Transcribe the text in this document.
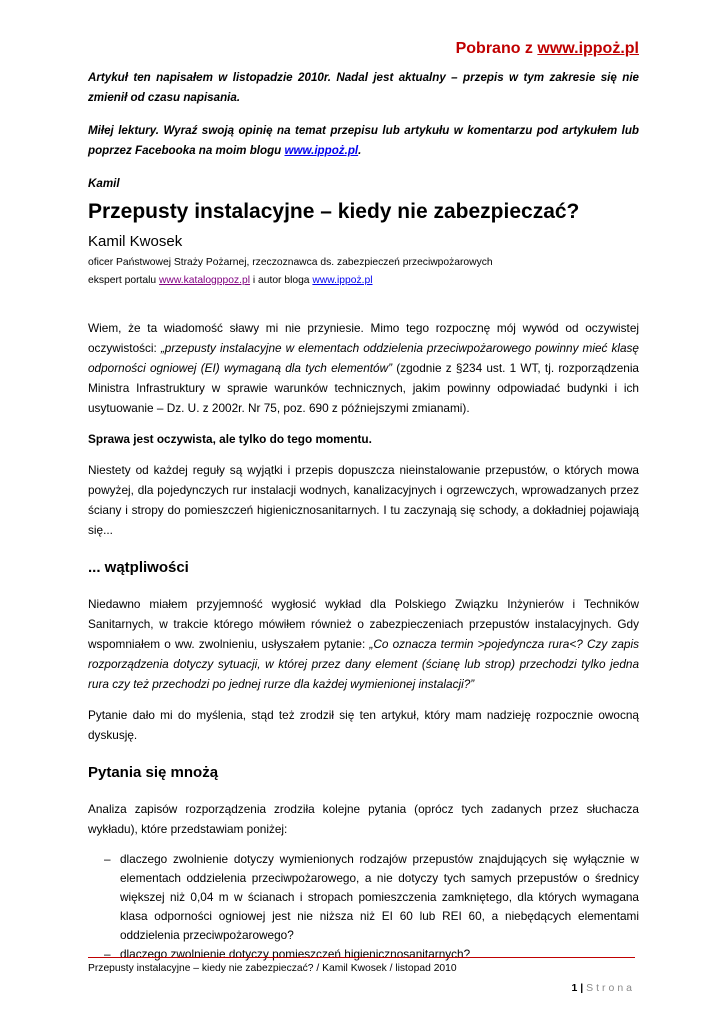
Pobrano z www.ippoż.pl

Artykuł ten napisałem w listopadzie 2010r. Nadal jest aktualny – przepis w tym zakresie się nie zmienił od czasu napisania.

Miłej lektury. Wyraź swoją opinię na temat przepisu lub artykułu w komentarzu pod artykułem lub poprzez Facebooka na moim blogu www.ippoż.pl.

Kamil

Przepusty instalacyjne – kiedy nie zabezpieczać?
Kamil Kwosek
oficer Państwowej Straży Pożarnej, rzeczoznawca ds. zabezpieczeń przeciwpożarowych
ekspert portalu www.katalogppoz.pl i autor bloga www.ippoż.pl

Wiem, że ta wiadomość sławy mi nie przyniesie. Mimo tego rozpocznę mój wywód od oczywistej oczywistości: „przepusty instalacyjne w elementach oddzielenia przeciwpożarowego powinny mieć klasę odporności ogniowej (EI) wymaganą dla tych elementów” (zgodnie z §234 ust. 1 WT, tj. rozporządzenia Ministra Infrastruktury w sprawie warunków technicznych, jakim powinny odpowiadać budynki i ich usytuowanie – Dz. U. z 2002r. Nr 75, poz. 690 z późniejszymi zmianami).

Sprawa jest oczywista, ale tylko do tego momentu.

Niestety od każdej reguły są wyjątki i przepis dopuszcza nieinstalowanie przepustów, o których mowa powyżej, dla pojedynczych rur instalacji wodnych, kanalizacyjnych i ogrzewczych, wprowadzanych przez ściany i stropy do pomieszczeń higienicznosanitarnych. I tu zaczynają się schody, a dokładniej pojawiają się...

... wątpliwości

Niedawno miałem przyjemność wygłosić wykład dla Polskiego Związku Inżynierów i Techników Sanitarnych, w trakcie którego mówiłem również o zabezpieczeniach przepustów instalacyjnych. Gdy wspomniałem o ww. zwolnieniu, usłyszałem pytanie: „Co oznacza termin >pojedyncza rura<? Czy zapis rozporządzenia dotyczy sytuacji, w której przez dany element (ścianę lub strop) przechodzi tylko jedna rura czy też przechodzi po jednej rurze dla każdej wymienionej instalacji?”

Pytanie dało mi do myślenia, stąd też zrodził się ten artykuł, który mam nadzieję rozpocznie owocną dyskusję.

Pytania się mnożą

Analiza zapisów rozporządzenia zrodziła kolejne pytania (oprócz tych zadanych przez słuchacza wykładu), które przedstawiam poniżej:

– dlaczego zwolnienie dotyczy wymienionych rodzajów przepustów znajdujących się wyłącznie w elementach oddzielenia przeciwpożarowego, a nie dotyczy tych samych przepustów o średnicy większej niż 0,04 m w ścianach i stropach pomieszczenia zamkniętego, dla których wymagana klasa odporności ogniowej jest nie niższa niż EI 60 lub REI 60, a niebędących elementami oddzielenia przeciwpożarowego?
– dlaczego zwolnienie dotyczy pomieszczeń higienicznosanitarnych?
Przepusty instalacyjne – kiedy nie zabezpieczać? / Kamil Kwosek / listopad 2010
1 | Strona
